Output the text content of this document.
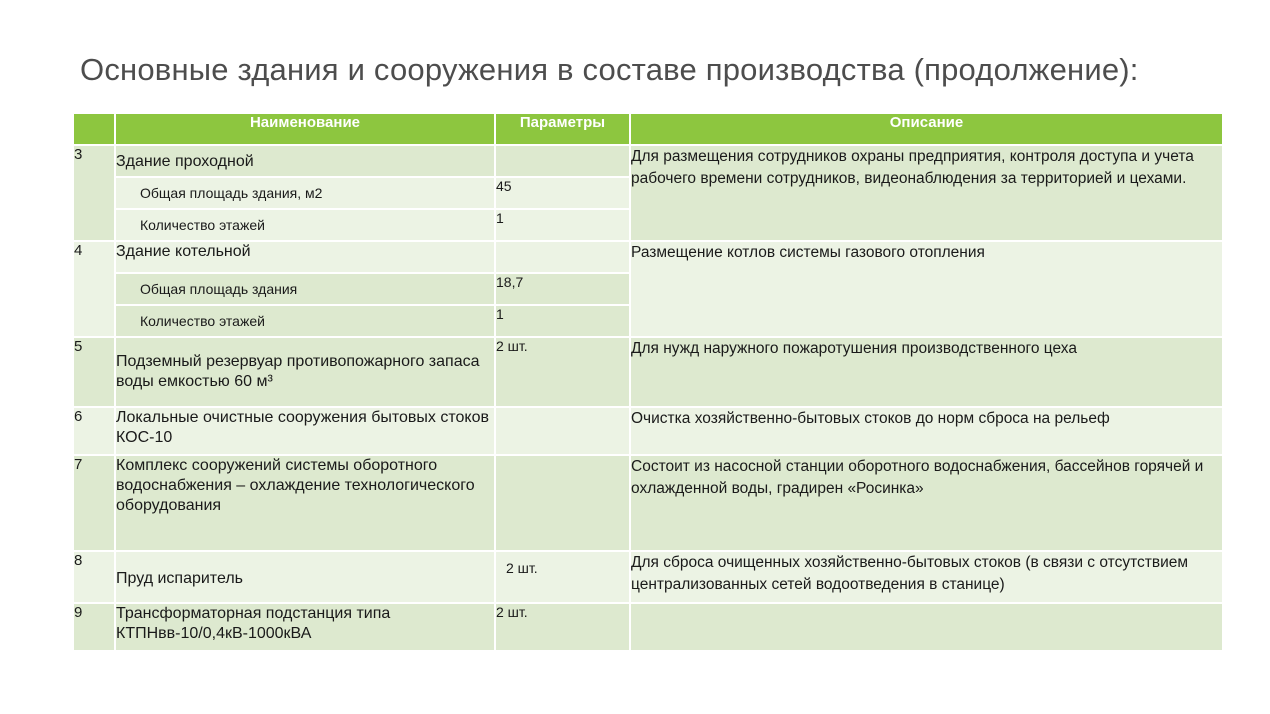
Основные здания и сооружения в составе производства (продолжение):
	Наименование	Параметры	Описание
3	Здание проходной		Для размещения сотрудников охраны предприятия, контроля доступа и учета рабочего времени сотрудников, видеонаблюдения за территорией и цехами.
	Общая площадь здания, м2	45	
	Количество этажей	1	
4	Здание котельной		Размещение котлов системы газового отопления
	Общая площадь здания	18,7	
	Количество этажей	1	
5	Подземный резервуар противопожарного запаса воды емкостью 60 м³	2 шт.	Для нужд наружного пожаротушения производственного цеха
6	Локальные очистные сооружения бытовых стоков КОС-10		Очистка хозяйственно-бытовых стоков до норм сброса на рельеф
7	Комплекс сооружений системы оборотного водоснабжения – охлаждение технологического оборудования		Состоит из насосной станции оборотного водоснабжения, бассейнов горячей и охлажденной воды, градирен «Росинка»
8	Пруд испаритель	2 шт.	Для сброса очищенных хозяйственно-бытовых стоков (в связи с отсутствием централизованных сетей водоотведения в станице)
9	Трансформаторная подстанция типа КТПНвв-10/0,4кВ-1000кВА	2 шт.	
